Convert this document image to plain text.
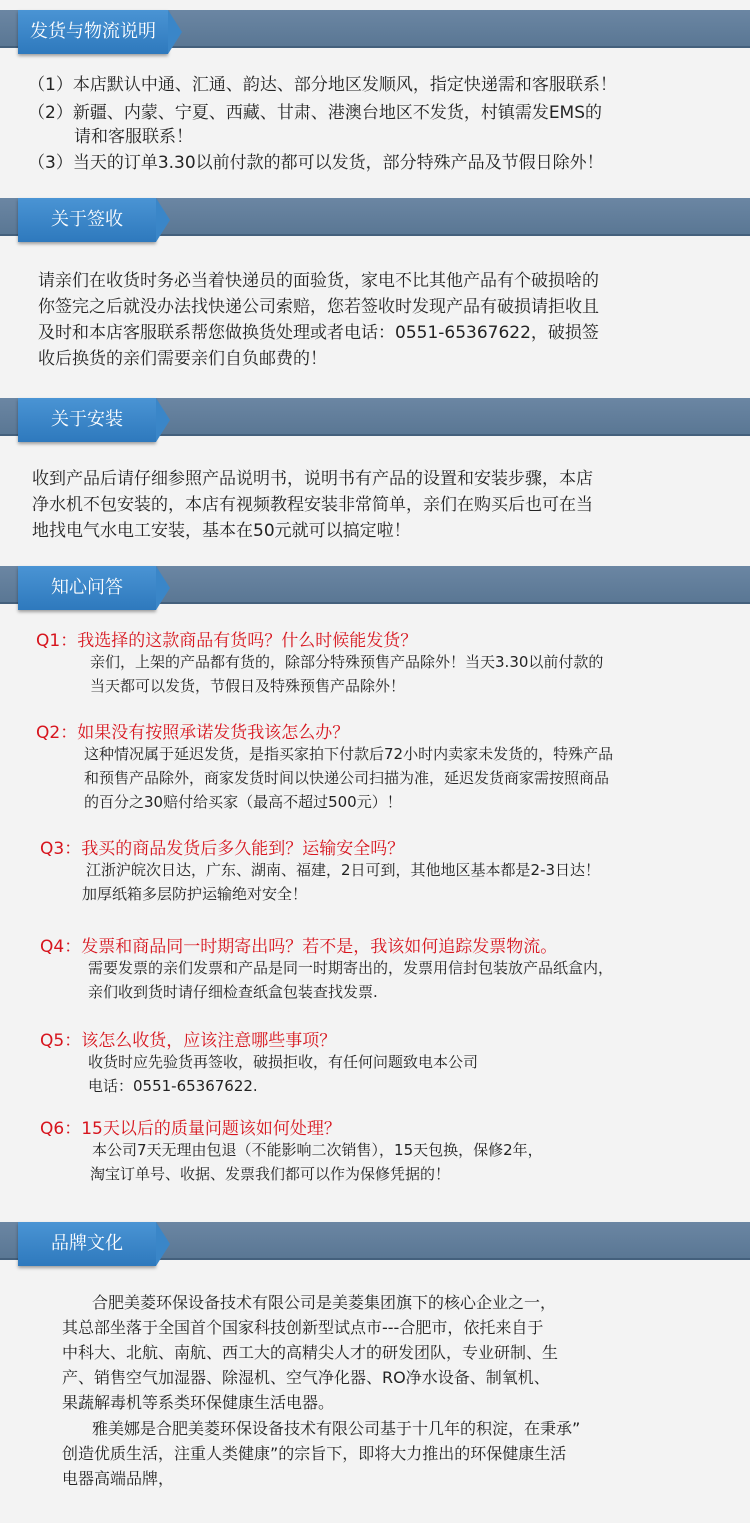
发货与物流说明
（1）本店默认中通、汇通、韵达、部分地区发顺风，指定快递需和客服联系！
（2）新疆、内蒙、宁夏、西藏、甘肃、港澳台地区不发货，村镇需发EMS的
请和客服联系！
（3）当天的订单3.30以前付款的都可以发货，部分特殊产品及节假日除外！
关于签收
请亲们在收货时务必当着快递员的面验货，家电不比其他产品有个破损啥的
你签完之后就没办法找快递公司索赔，您若签收时发现产品有破损请拒收且
及时和本店客服联系帮您做换货处理或者电话：0551-65367622，破损签
收后换货的亲们需要亲们自负邮费的！
关于安装
收到产品后请仔细参照产品说明书，说明书有产品的设置和安装步骤，本店
净水机不包安装的，本店有视频教程安装非常简单，亲们在购买后也可在当
地找电气水电工安装，基本在50元就可以搞定啦！
知心问答
Q1：我选择的这款商品有货吗？什么时候能发货？
亲们，上架的产品都有货的，除部分特殊预售产品除外！当天3.30以前付款的
当天都可以发货，节假日及特殊预售产品除外！
Q2：如果没有按照承诺发货我该怎么办？
这种情况属于延迟发货，是指买家拍下付款后72小时内卖家未发货的，特殊产品
和预售产品除外，商家发货时间以快递公司扫描为准，延迟发货商家需按照商品
的百分之30赔付给买家（最高不超过500元）！
Q3：我买的商品发货后多久能到？运输安全吗？
江浙沪皖次日达，广东、湖南、福建，2日可到，其他地区基本都是2-3日达！
加厚纸箱多层防护运输绝对安全！
Q4：发票和商品同一时期寄出吗？若不是，我该如何追踪发票物流。
需要发票的亲们发票和产品是同一时期寄出的，发票用信封包装放产品纸盒内，
亲们收到货时请仔细检查纸盒包装查找发票.
Q5：该怎么收货，应该注意哪些事项？
收货时应先验货再签收，破损拒收，有任何问题致电本公司
电话：0551-65367622.
Q6：15天以后的质量问题该如何处理？
本公司7天无理由包退（不能影响二次销售），15天包换，保修2年，
淘宝订单号、收据、发票我们都可以作为保修凭据的！
品牌文化
合肥美菱环保设备技术有限公司是美菱集团旗下的核心企业之一，
其总部坐落于全国首个国家科技创新型试点市---合肥市，依托来自于
中科大、北航、南航、西工大的高精尖人才的研发团队，专业研制、生
产、销售空气加湿器、除湿机、空气净化器、RO净水设备、制氧机、
果蔬解毒机等系类环保健康生活电器。
雅美娜是合肥美菱环保设备技术有限公司基于十几年的积淀，在秉承”
创造优质生活，注重人类健康”的宗旨下，即将大力推出的环保健康生活
电器高端品牌，
